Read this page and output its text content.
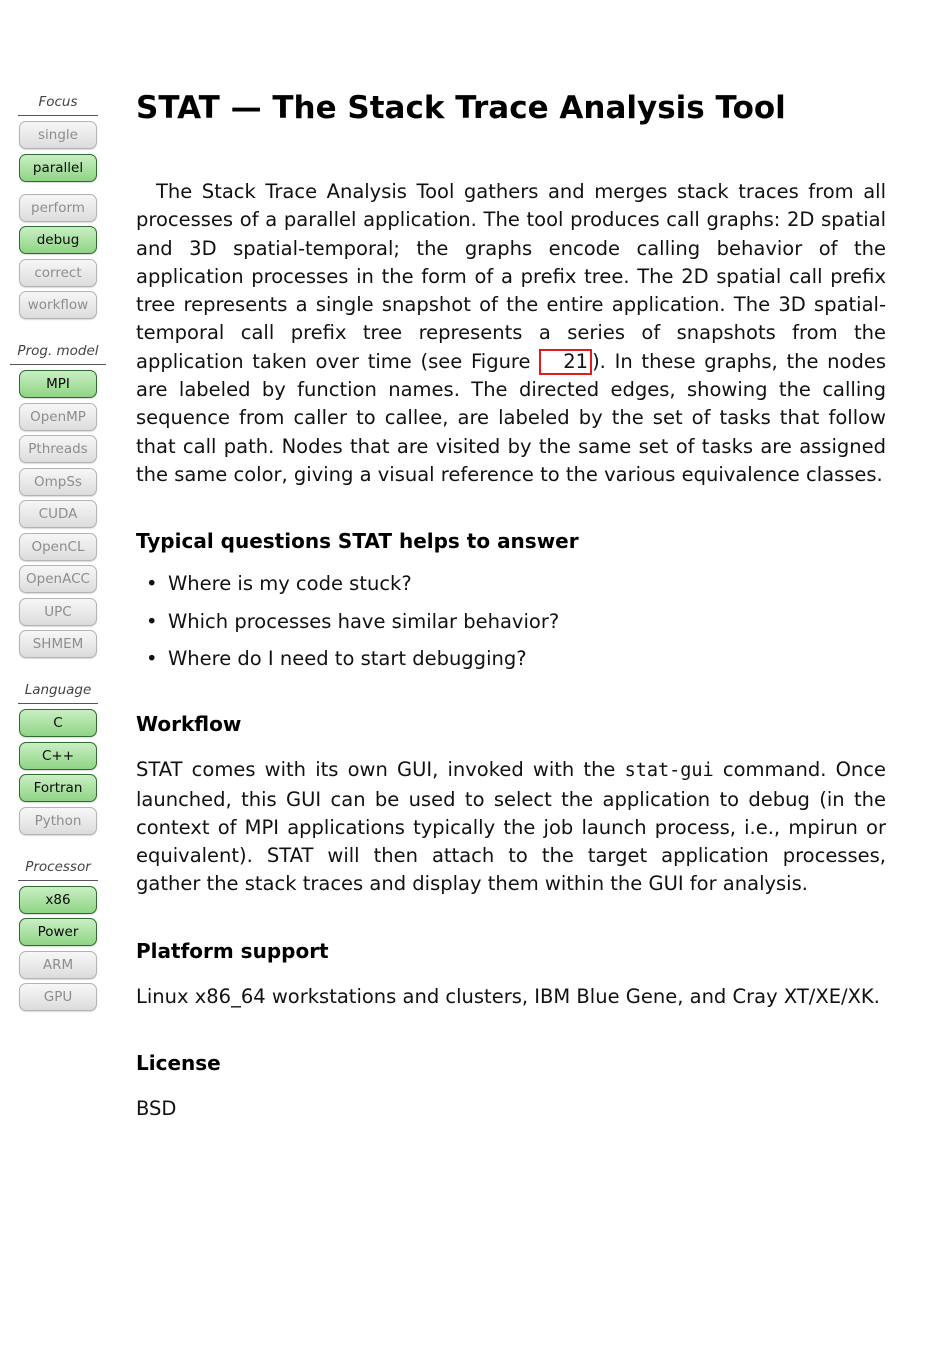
Focus
single
parallel
perform
debug
correct
workflow
Prog. model
MPI
OpenMP
Pthreads
OmpSs
CUDA
OpenCL
OpenACC
UPC
SHMEM
Language
C
C++
Fortran
Python
Processor
x86
Power
ARM
GPU
STAT — The Stack Trace Analysis Tool

The Stack Trace Analysis Tool gathers and merges stack traces from all processes of a parallel application. The tool produces call graphs: 2D spatial and 3D spatial-temporal; the graphs encode calling behavior of the application processes in the form of a prefix tree. The 2D spatial call prefix tree represents a single snapshot of the entire application. The 3D spatial-temporal call prefix tree represents a series of snapshots from the application taken over time (see Figure 21 ). In these graphs, the nodes are labeled by function names. The directed edges, showing the calling sequence from caller to callee, are labeled by the set of tasks that follow that call path. Nodes that are visited by the same set of tasks are assigned the same color, giving a visual reference to the various equivalence classes.

Typical questions STAT helps to answer
• Where is my code stuck?
• Which processes have similar behavior?
• Where do I need to start debugging?
Workflow

STAT comes with its own GUI, invoked with the stat-gui command. Once launched, this GUI can be used to select the application to debug (in the context of MPI applications typically the job launch process, i.e., mpirun or equivalent). STAT will then attach to the target application processes, gather the stack traces and display them within the GUI for analysis.

Platform support

Linux x86_64 workstations and clusters, IBM Blue Gene, and Cray XT/XE/XK.

License

BSD
